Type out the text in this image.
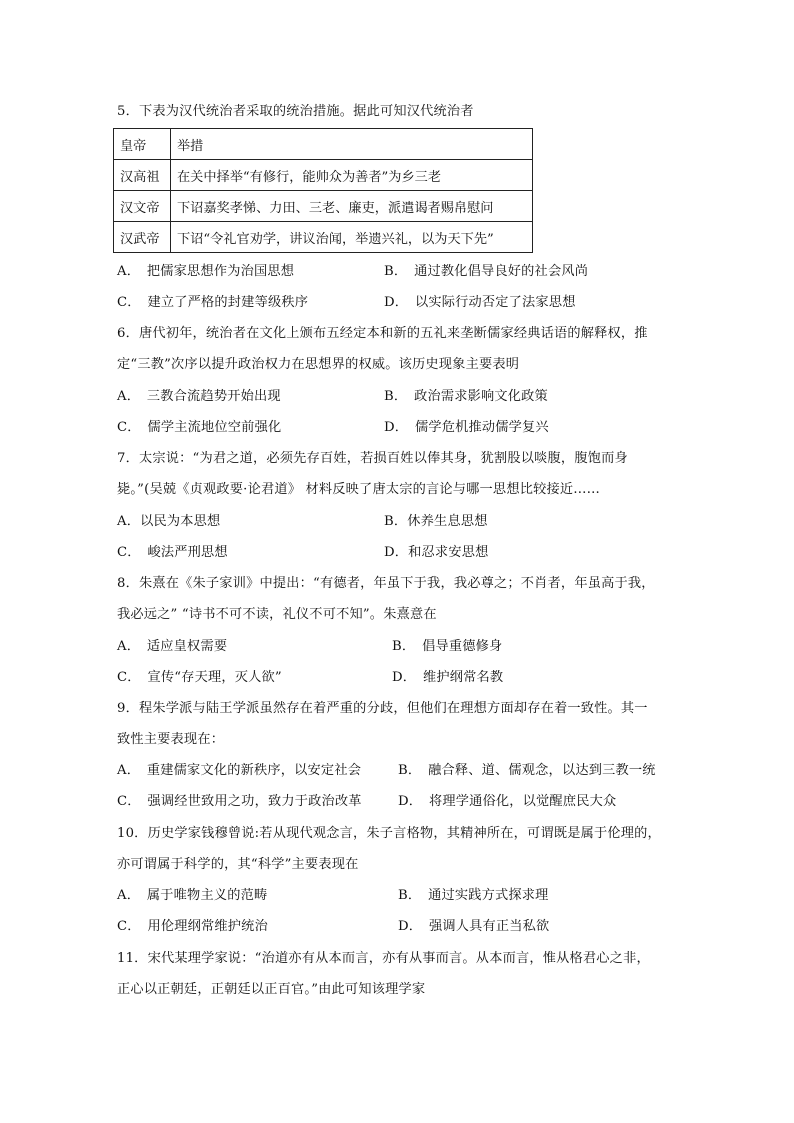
5．下表为汉代统治者采取的统治措施。据此可知汉代统治者
皇帝	举措
汉高祖	在关中择举“有修行，能帅众为善者”为乡三老
汉文帝	下诏嘉奖孝悌、力田、三老、廉吏，派遣谒者赐帛慰问
汉武帝	下诏“令礼官劝学，讲议治闻，举遗兴礼，以为天下先”
A．　把儒家思想作为治国思想	B．　通过教化倡导良好的社会风尚
C．　建立了严格的封建等级秩序	D．　以实际行动否定了法家思想
6．唐代初年，统治者在文化上颁布五经定本和新的五礼来垄断儒家经典话语的解释权，推
定“三教”次序以提升政治权力在思想界的权威。该历史现象主要表明
A．　三教合流趋势开始出现	B．　政治需求影响文化政策
C．　儒学主流地位空前强化	D．　儒学危机推动儒学复兴
7．太宗说：“为君之道，必须先存百姓，若损百姓以俸其身，犹割股以啖腹，腹饱而身
毙。”(吴兢《贞观政要·论君道》 材料反映了唐太宗的言论与哪一思想比较接近……
A．以民为本思想	B．休养生息思想
C．　峻法严刑思想	D．和忍求安思想
8．朱熹在《朱子家训》中提出：“有德者，年虽下于我，我必尊之；不肖者，年虽高于我，
我必远之” “诗书不可不读，礼仪不可不知”。朱熹意在
A．　适应皇权需要	B．　倡导重德修身
C．　宣传“存天理，灭人欲”	D．　维护纲常名教
9．程朱学派与陆王学派虽然存在着严重的分歧，但他们在理想方面却存在着一致性。其一
致性主要表现在：
A．　重建儒家文化的新秩序，以安定社会	B．　融合释、道、儒观念，以达到三教一统
C．　强调经世致用之功，致力于政治改革	D．　将理学通俗化，以觉醒庶民大众
10．历史学家钱穆曾说:若从现代观念言，朱子言格物，其精神所在，可谓既是属于伦理的，
亦可谓属于科学的，其“科学”主要表现在
A．　属于唯物主义的范畴	B．　通过实践方式探求理
C．　用伦理纲常维护统治	D．　强调人具有正当私欲
11．宋代某理学家说：“治道亦有从本而言，亦有从事而言。从本而言，惟从格君心之非，
正心以正朝廷，正朝廷以正百官。”由此可知该理学家
